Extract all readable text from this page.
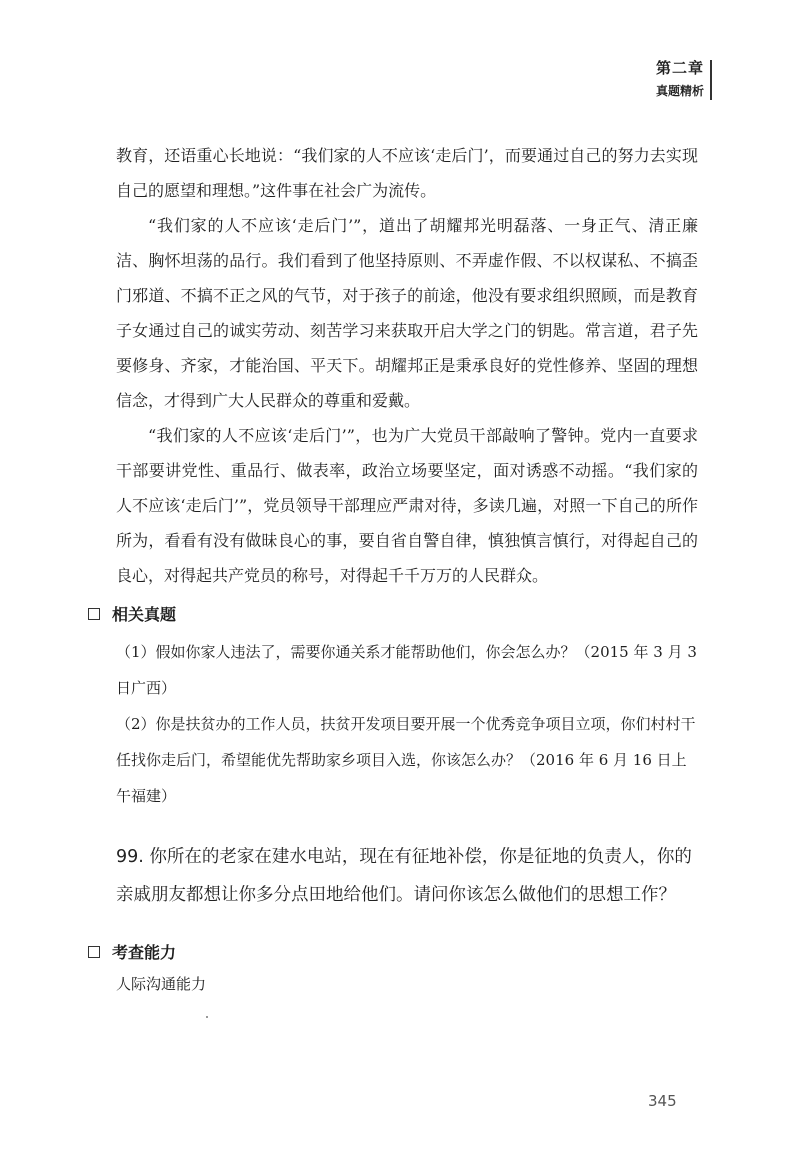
第二章
真题精析

教育，还语重心长地说：“我们家的人不应该‘走后门’，而要通过自己的努力去实现自己的愿望和理想。”这件事在社会广为流传。

“我们家的人不应该‘走后门’”，道出了胡耀邦光明磊落、一身正气、清正廉洁、胸怀坦荡的品行。我们看到了他坚持原则、不弄虚作假、不以权谋私、不搞歪门邪道、不搞不正之风的气节，对于孩子的前途，他没有要求组织照顾，而是教育子女通过自己的诚实劳动、刻苦学习来获取开启大学之门的钥匙。常言道，君子先要修身、齐家，才能治国、平天下。胡耀邦正是秉承良好的党性修养、坚固的理想信念，才得到广大人民群众的尊重和爱戴。

“我们家的人不应该‘走后门’”，也为广大党员干部敲响了警钟。党内一直要求干部要讲党性、重品行、做表率，政治立场要坚定，面对诱惑不动摇。“我们家的人不应该‘走后门’”，党员领导干部理应严肃对待，多读几遍，对照一下自己的所作所为，看看有没有做昧良心的事，要自省自警自律，慎独慎言慎行，对得起自己的良心，对得起共产党员的称号，对得起千千万万的人民群众。

相关真题

（1）假如你家人违法了，需要你通关系才能帮助他们，你会怎么办？（2015 年 3 月 3 日广西）

（2）你是扶贫办的工作人员，扶贫开发项目要开展一个优秀竞争项目立项，你们村村干任找你走后门，希望能优先帮助家乡项目入选，你该怎么办？（2016 年 6 月 16 日上午福建）

99. 你所在的老家在建水电站，现在有征地补偿，你是征地的负责人，你的亲戚朋友都想让你多分点田地给他们。请问你该怎么做他们的思想工作？
考查能力
人际沟通能力
345
